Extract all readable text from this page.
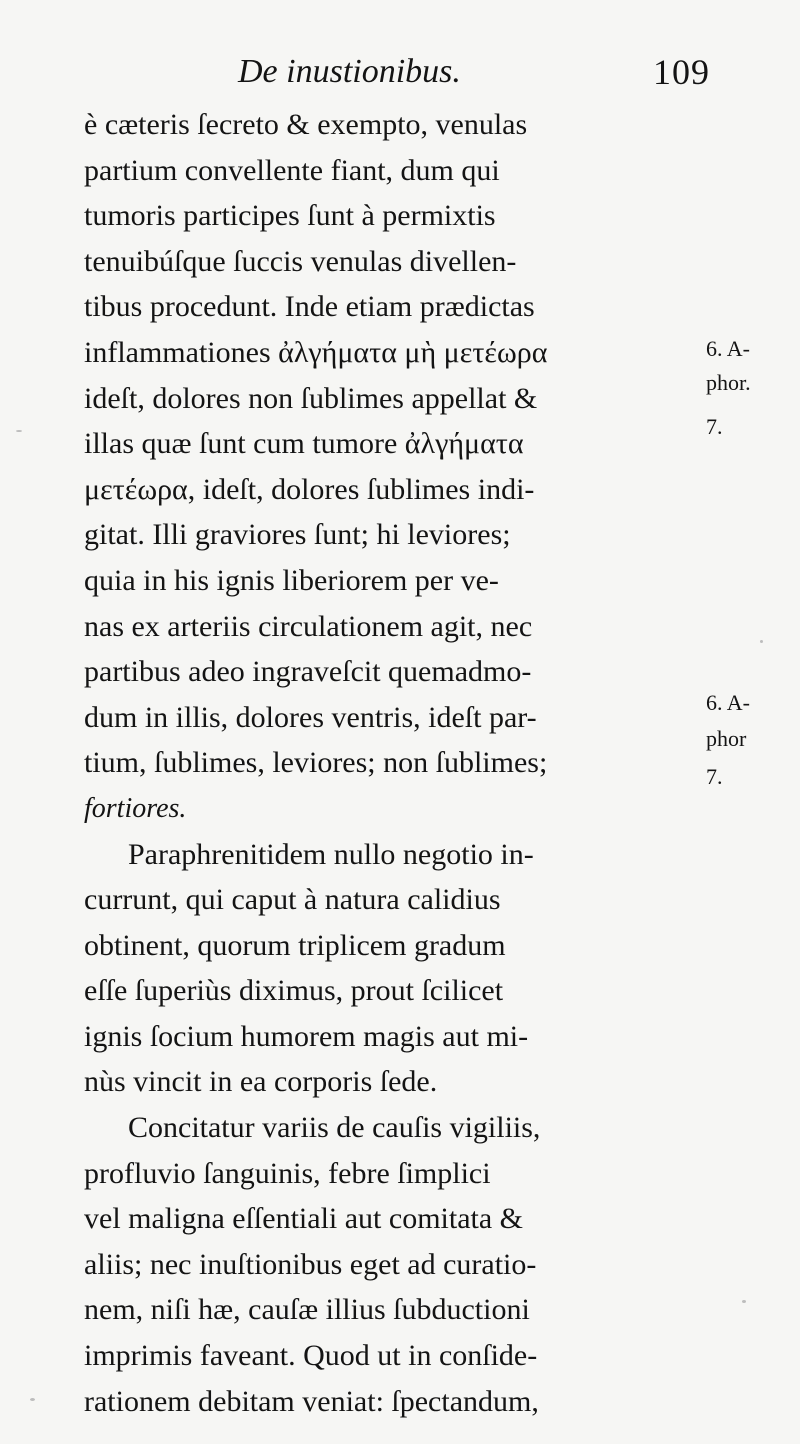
De inustionibus.	109
è cæteris ſecreto & exempto, venulas
partium convellente fiant, dum qui
tumoris participes ſunt à permixtis
tenuibúſque ſuccis venulas divellen-
tibus procedunt. Inde etiam prædictas
inflammationes ἀλγήματα μὴ μετέωρα
ideſt, dolores non ſublimes appellat &
illas quæ ſunt cum tumore ἀλγήματα
μετέωρα, ideſt, dolores ſublimes indi-
gitat. Illi graviores ſunt; hi leviores;
quia in his ignis liberiorem per ve-
nas ex arteriis circulationem agit, nec
partibus adeo ingraveſcit quemadmo-
dum in illis, dolores ventris, ideſt par-
tium, ſublimes, leviores; non ſublimes;
fortiores.
Paraphrenitidem nullo negotio in-
currunt, qui caput à natura calidius
obtinent, quorum triplicem gradum
eſſe ſuperiùs diximus, prout ſcilicet
ignis ſocium humorem magis aut mi-
nùs vincit in ea corporis ſede.
Concitatur variis de cauſis vigiliis,
profluvio ſanguinis, febre ſimplici
vel maligna eſſentiali aut comitata &
aliis; nec inuſtionibus eget ad curatio-
nem, niſi hæ, cauſæ illius ſubductioni
imprimis faveant. Quod ut in conſide-
rationem debitam veniat: ſpectandum,
6. A-
phor.
7.
6. A-
phor
7.
